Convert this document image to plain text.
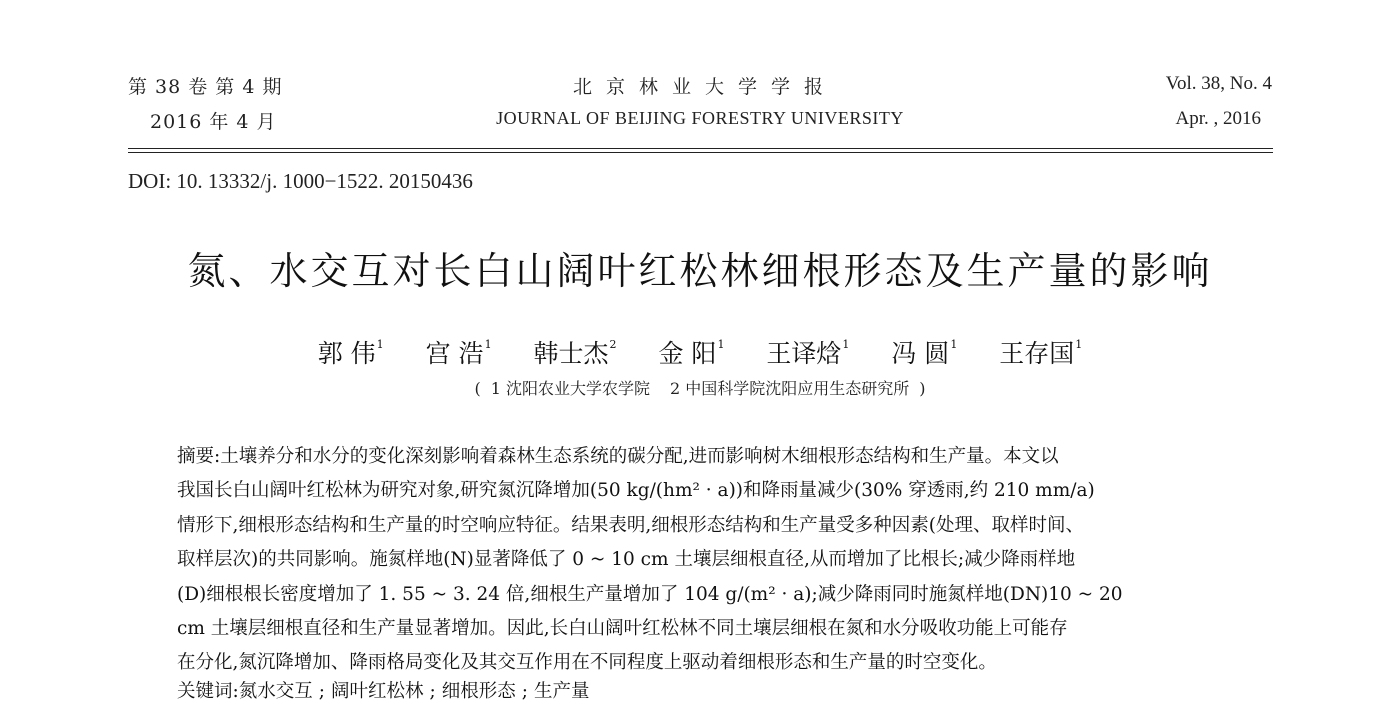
第 38 卷 第 4 期
2016 年 4 月
北京林业大学学报
JOURNAL OF BEIJING FORESTRY UNIVERSITY
Vol. 38, No. 4
Apr. , 2016
DOI: 10. 13332/j. 1000−1522. 20150436
氮、水交互对长白山阔叶红松林细根形态及生产量的影响
郭 伟$^1$ 宫 浩$^1$ 韩士杰$^2$ 金 阳$^1$ 王译焓$^1$ 冯 圆$^1$ 王存国$^1$
( 1 沈阳农业大学农学院 2 中国科学院沈阳应用生态研究所 )
摘要:土壤养分和水分的变化深刻影响着森林生态系统的碳分配,进而影响树木细根形态结构和生产量。本文以
我国长白山阔叶红松林为研究对象,研究氮沉降增加(50 kg/(hm² · a))和降雨量减少(30% 穿透雨,约 210 mm/a)
情形下,细根形态结构和生产量的时空响应特征。结果表明,细根形态结构和生产量受多种因素(处理、取样时间、
取样层次)的共同影响。施氮样地(N)显著降低了 0 ~ 10 cm 土壤层细根直径,从而增加了比根长;减少降雨样地
(D)细根根长密度增加了 1. 55 ~ 3. 24 倍,细根生产量增加了 104 g/(m² · a);减少降雨同时施氮样地(DN)10 ~ 20
cm 土壤层细根直径和生产量显著增加。因此,长白山阔叶红松林不同土壤层细根在氮和水分吸收功能上可能存
在分化,氮沉降增加、降雨格局变化及其交互作用在不同程度上驱动着细根形态和生产量的时空变化。
关键词:氮水交互 ; 阔叶红松林 ; 细根形态 ; 生产量
